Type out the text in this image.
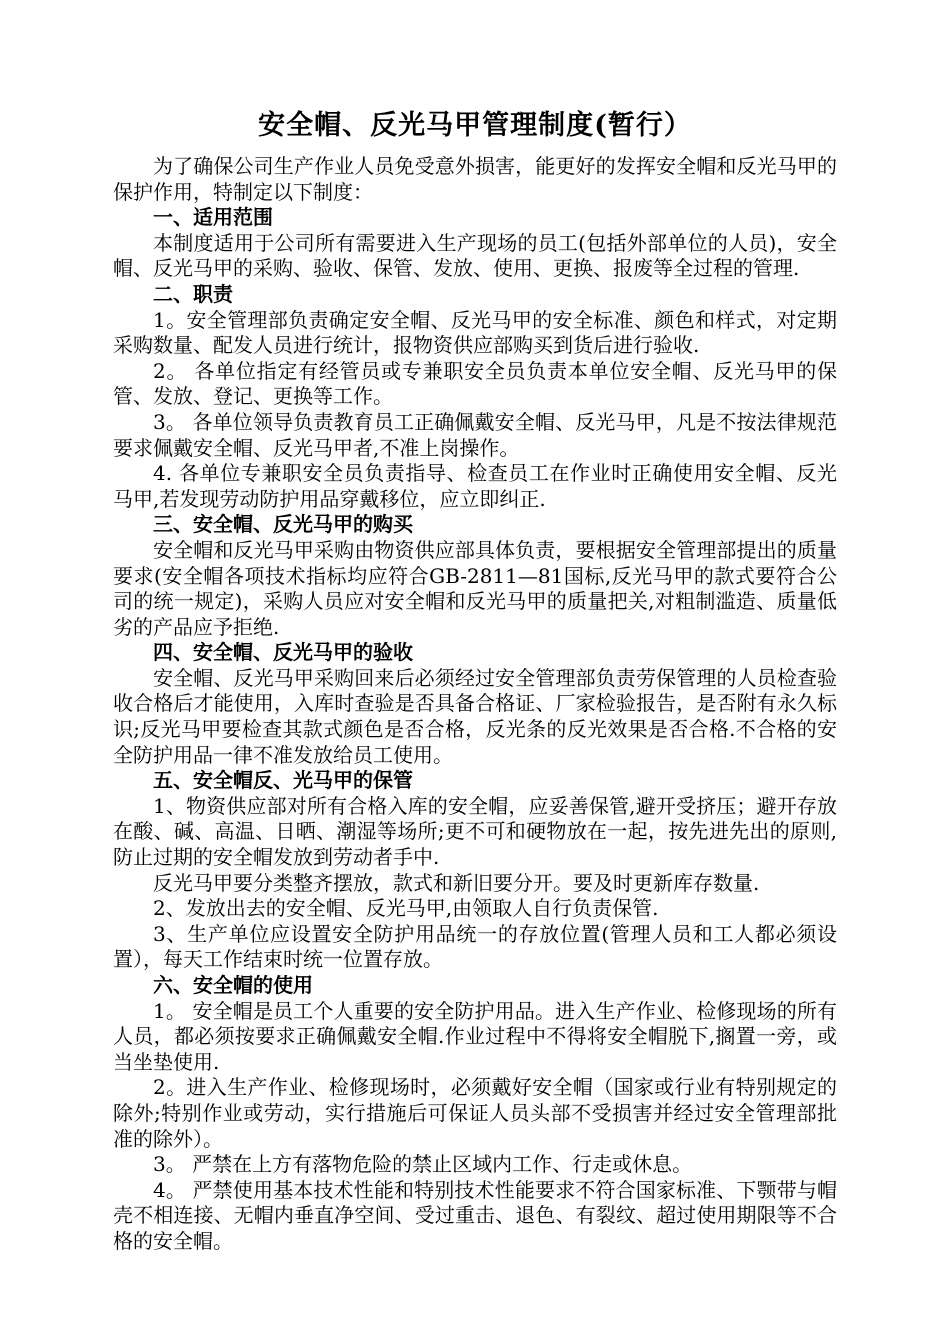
安全帽、反光马甲管理制度(暂行）

为了确保公司生产作业人员免受意外损害，能更好的发挥安全帽和反光马甲的保护作用，特制定以下制度：

一、适用范围

本制度适用于公司所有需要进入生产现场的员工(包括外部单位的人员)，安全帽、反光马甲的采购、验收、保管、发放、使用、更换、报废等全过程的管理.

二、职责

1。安全管理部负责确定安全帽、反光马甲的安全标准、颜色和样式，对定期采购数量、配发人员进行统计，报物资供应部购买到货后进行验收.

2。 各单位指定有经管员或专兼职安全员负责本单位安全帽、反光马甲的保管、发放、登记、更换等工作。

3。 各单位领导负责教育员工正确佩戴安全帽、反光马甲，凡是不按法律规范要求佩戴安全帽、反光马甲者,不准上岗操作。

4. 各单位专兼职安全员负责指导、检查员工在作业时正确使用安全帽、反光马甲,若发现劳动防护用品穿戴移位，应立即纠正.

三、安全帽、反光马甲的购买

安全帽和反光马甲采购由物资供应部具体负责，要根据安全管理部提出的质量要求(安全帽各项技术指标均应符合GB-2811—81国标,反光马甲的款式要符合公司的统一规定)，采购人员应对安全帽和反光马甲的质量把关,对粗制滥造、质量低劣的产品应予拒绝.

四、安全帽、反光马甲的验收

安全帽、反光马甲采购回来后必须经过安全管理部负责劳保管理的人员检查验收合格后才能使用，入库时查验是否具备合格证、厂家检验报告，是否附有永久标识;反光马甲要检查其款式颜色是否合格，反光条的反光效果是否合格.不合格的安全防护用品一律不准发放给员工使用。

五、安全帽反、光马甲的保管

1、物资供应部对所有合格入库的安全帽，应妥善保管,避开受挤压；避开存放在酸、碱、高温、日晒、潮湿等场所;更不可和硬物放在一起，按先进先出的原则,防止过期的安全帽发放到劳动者手中.

反光马甲要分类整齐摆放，款式和新旧要分开。要及时更新库存数量.

2、发放出去的安全帽、反光马甲,由领取人自行负责保管.

3、生产单位应设置安全防护用品统一的存放位置(管理人员和工人都必须设置），每天工作结束时统一位置存放。

六、安全帽的使用

1。 安全帽是员工个人重要的安全防护用品。进入生产作业、检修现场的所有人员，都必须按要求正确佩戴安全帽.作业过程中不得将安全帽脱下,搁置一旁，或当坐垫使用.

2。进入生产作业、检修现场时，必须戴好安全帽（国家或行业有特别规定的除外;特别作业或劳动，实行措施后可保证人员头部不受损害并经过安全管理部批准的除外）。

3。 严禁在上方有落物危险的禁止区域内工作、行走或休息。

4。 严禁使用基本技术性能和特别技术性能要求不符合国家标准、下颚带与帽壳不相连接、无帽内垂直净空间、受过重击、退色、有裂纹、超过使用期限等不合格的安全帽。
